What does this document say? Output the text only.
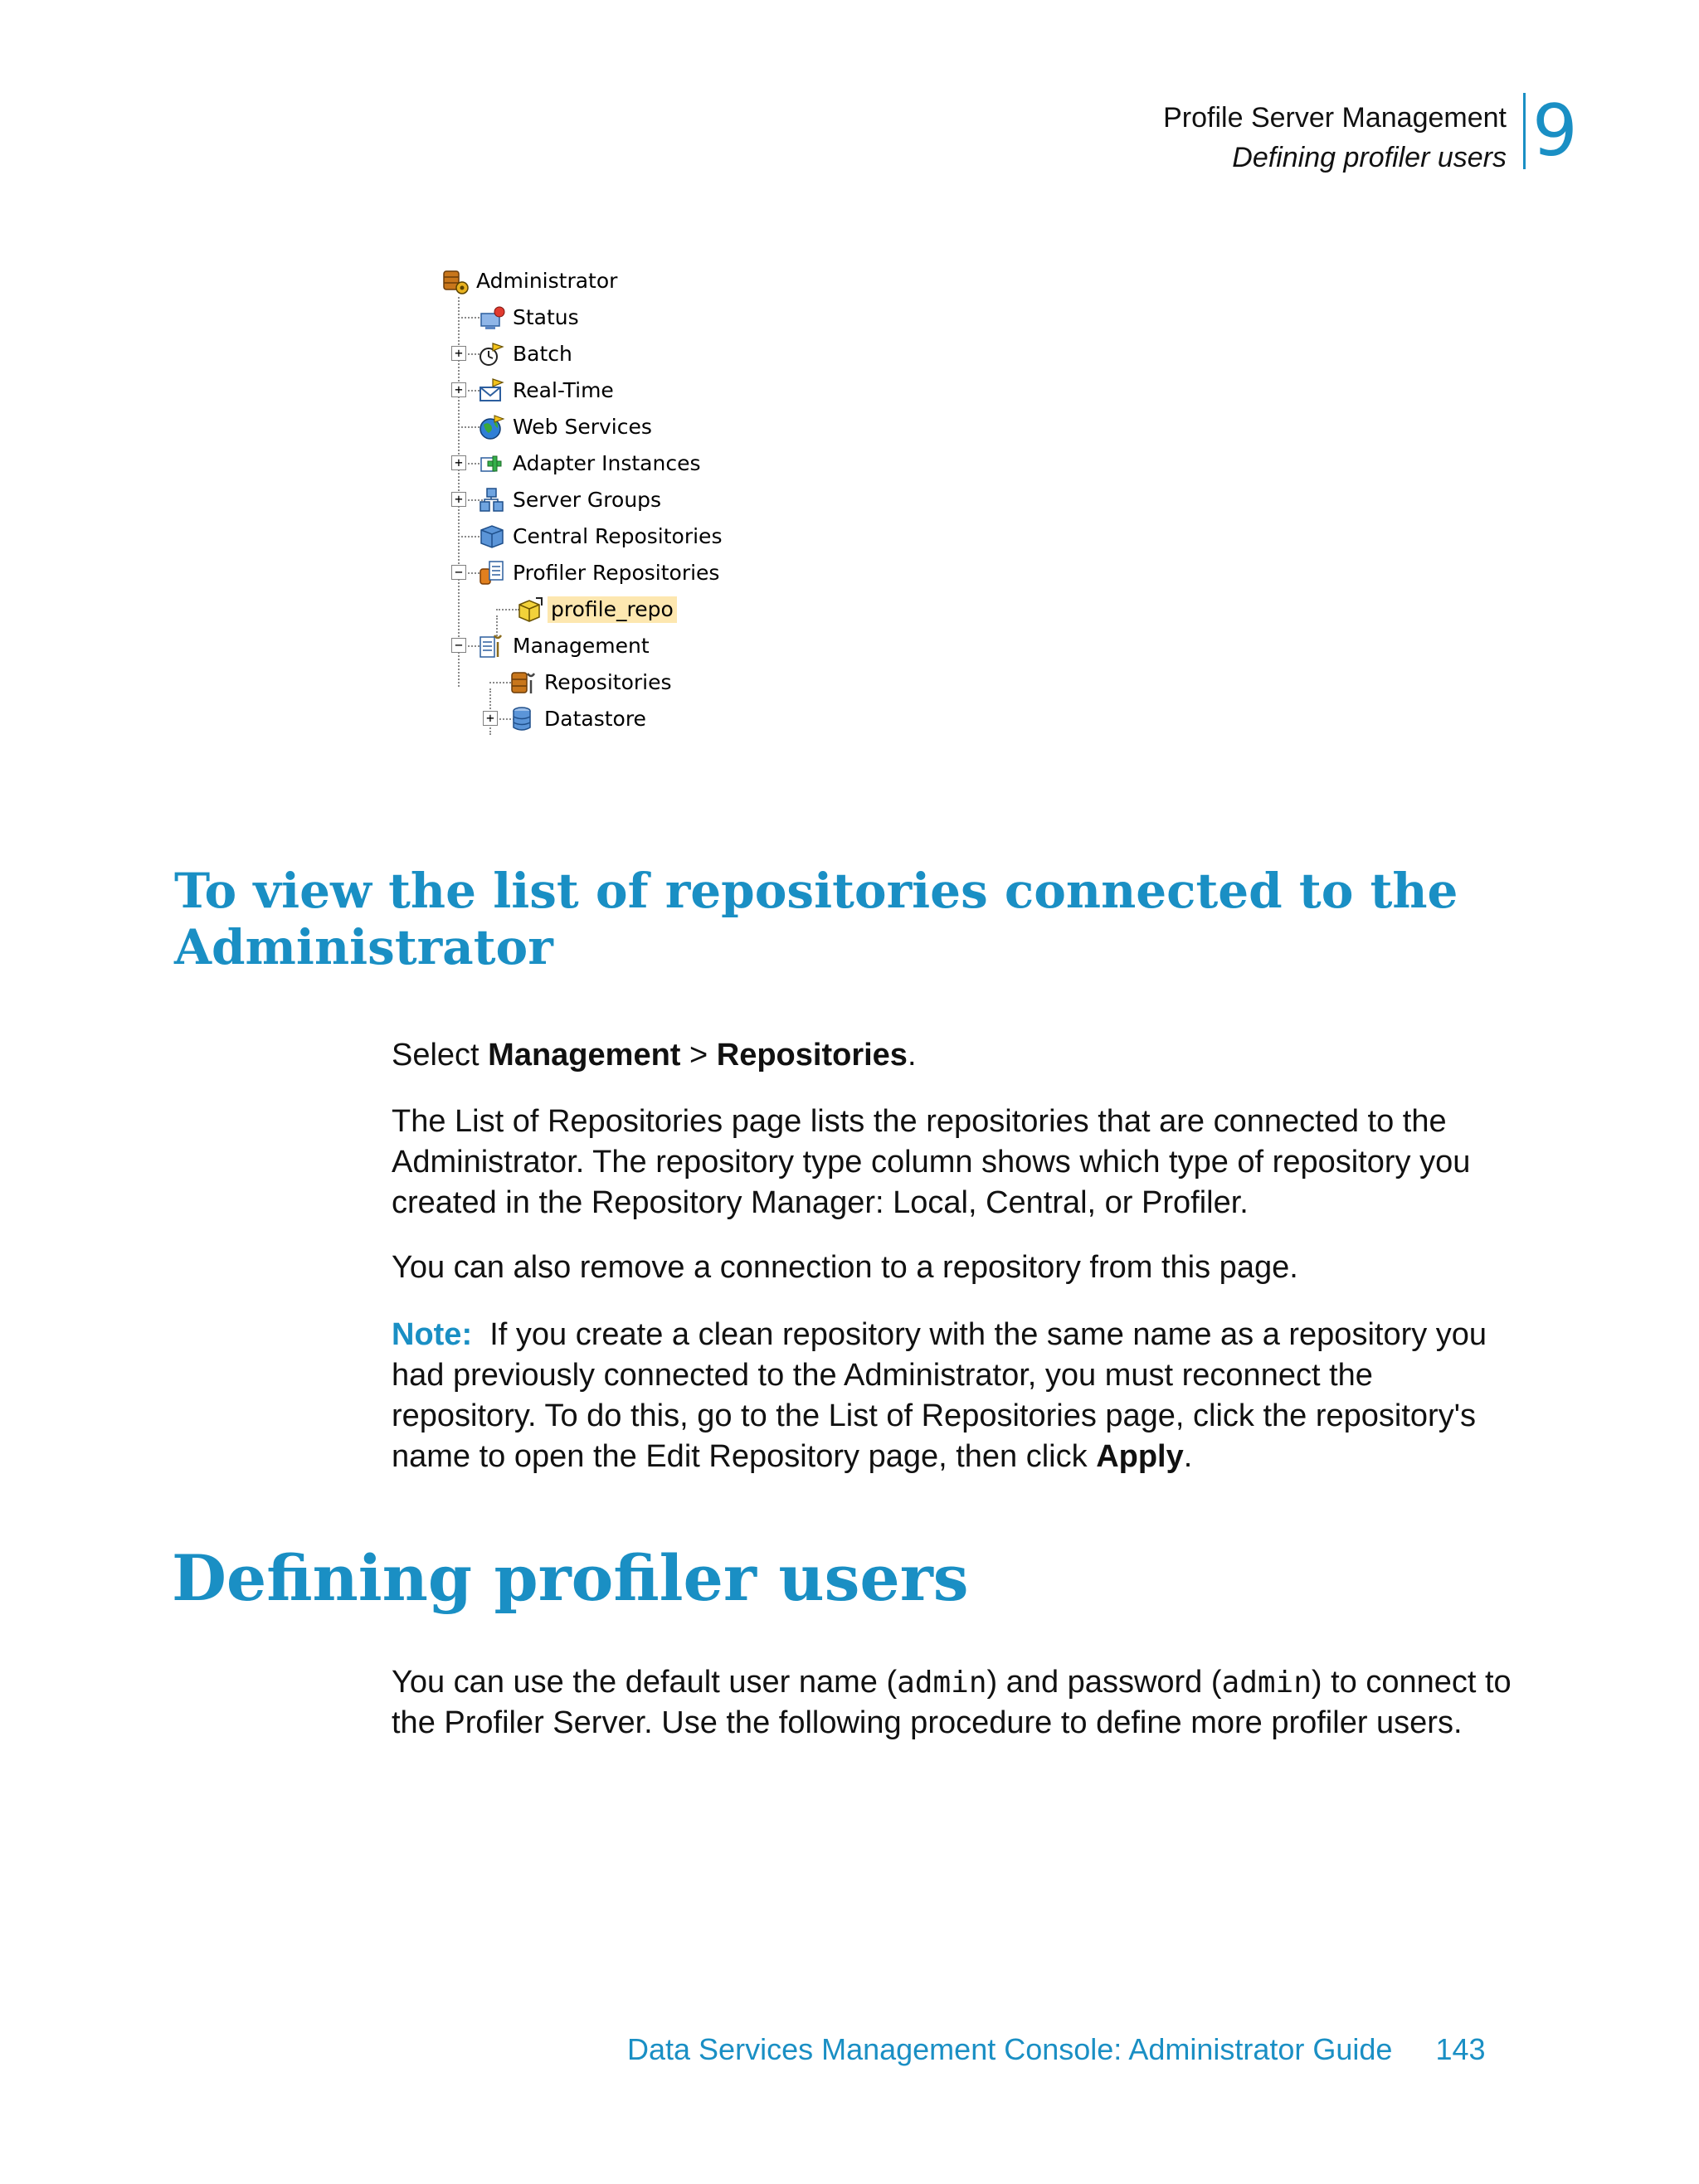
Profile Server Management
Defining profiler users 9
+
+
+
+
−
−
+
Administrator
Status
Batch
Real-Time
Web Services
Adapter Instances
Server Groups
Central Repositories
Profiler Repositories
profile_repo
Management
Repositories
Datastore
To view the list of repositories connected to the Administrator

Select Management > Repositories.

The List of Repositories page lists the repositories that are connected to the Administrator. The repository type column shows which type of repository you created in the Repository Manager: Local, Central, or Profiler.

You can also remove a connection to a repository from this page.

Note: If you create a clean repository with the same name as a repository you had previously connected to the Administrator, you must reconnect the repository. To do this, go to the List of Repositories page, click the repository's name to open the Edit Repository page, then click Apply.

Defining profiler users

You can use the default user name (admin) and password (admin) to connect to the Profiler Server. Use the following procedure to define more profiler users.

Data Services Management Console: Administrator Guide 143
